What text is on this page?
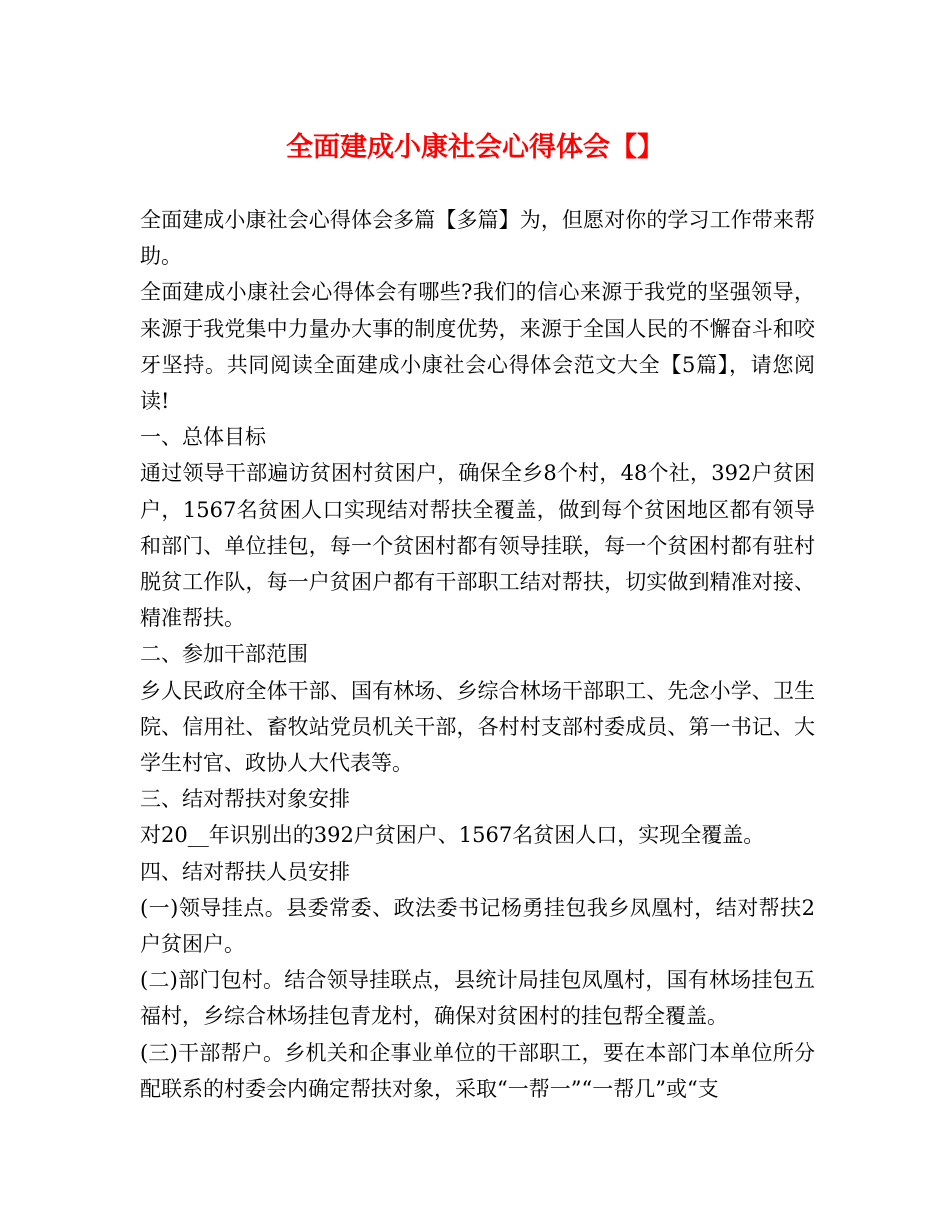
全面建成小康社会心得体会【】

全面建成小康社会心得体会多篇【多篇】为，但愿对你的学习工作带来帮助。

全面建成小康社会心得体会有哪些?我们的信心来源于我党的坚强领导，来源于我党集中力量办大事的制度优势，来源于全国人民的不懈奋斗和咬牙坚持。共同阅读全面建成小康社会心得体会范文大全【5篇】，请您阅读!

一、总体目标

通过领导干部遍访贫困村贫困户，确保全乡8个村，48个社，392户贫困户，1567名贫困人口实现结对帮扶全覆盖，做到每个贫困地区都有领导和部门、单位挂包，每一个贫困村都有领导挂联，每一个贫困村都有驻村脱贫工作队，每一户贫困户都有干部职工结对帮扶，切实做到精准对接、精准帮扶。

二、参加干部范围

乡人民政府全体干部、国有林场、乡综合林场干部职工、先念小学、卫生院、信用社、畜牧站党员机关干部，各村村支部村委成员、第一书记、大学生村官、政协人大代表等。

三、结对帮扶对象安排

对20__年识别出的392户贫困户、1567名贫困人口，实现全覆盖。

四、结对帮扶人员安排

(一)领导挂点。县委常委、政法委书记杨勇挂包我乡凤凰村，结对帮扶2户贫困户。

(二)部门包村。结合领导挂联点，县统计局挂包凤凰村，国有林场挂包五福村，乡综合林场挂包青龙村，确保对贫困村的挂包帮全覆盖。

(三)干部帮户。乡机关和企事业单位的干部职工，要在本部门本单位所分配联系的村委会内确定帮扶对象，采取“一帮一”“一帮几”或“支
